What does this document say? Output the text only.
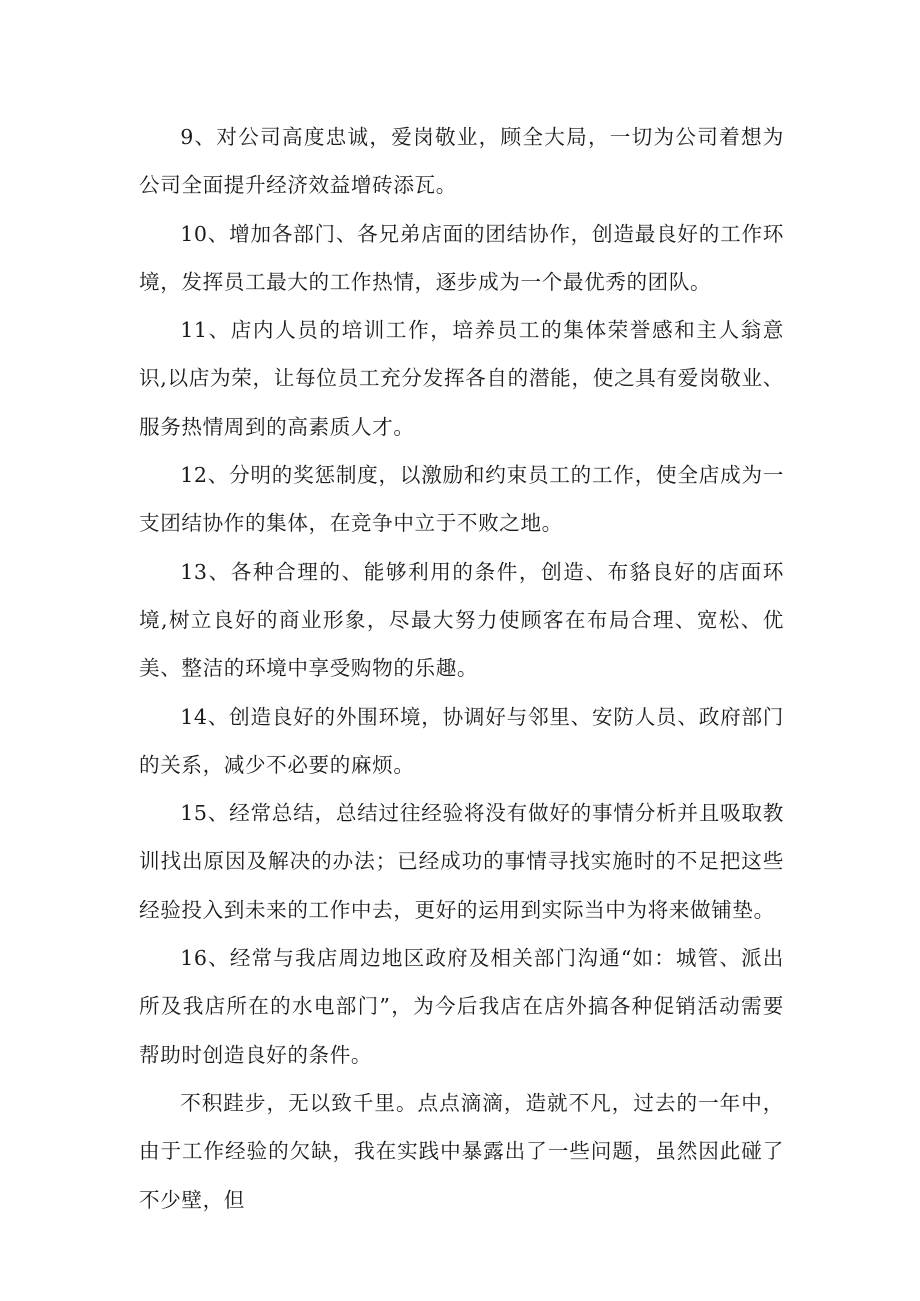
9、对公司高度忠诚，爱岗敬业，顾全大局，一切为公司着想为公司全面提升经济效益增砖添瓦。

10、增加各部门、各兄弟店面的团结协作，创造最良好的工作环境，发挥员工最大的工作热情，逐步成为一个最优秀的团队。

11、店内人员的培训工作，培养员工的集体荣誉感和主人翁意识,以店为荣，让每位员工充分发挥各自的潜能，使之具有爱岗敬业、服务热情周到的高素质人才。

12、分明的奖惩制度，以激励和约束员工的工作，使全店成为一支团结协作的集体，在竞争中立于不败之地。

13、各种合理的、能够利用的条件，创造、布貉良好的店面环境,树立良好的商业形象，尽最大努力使顾客在布局合理、宽松、优美、整洁的环境中享受购物的乐趣。

14、创造良好的外围环境，协调好与邻里、安防人员、政府部门的关系，减少不必要的麻烦。

15、经常总结，总结过往经验将没有做好的事情分析并且吸取教训找出原因及解决的办法；已经成功的事情寻找实施时的不足把这些经验投入到未来的工作中去，更好的运用到实际当中为将来做铺垫。

16、经常与我店周边地区政府及相关部门沟通“如：城管、派出所及我店所在的水电部门”，为今后我店在店外搞各种促销活动需要帮助时创造良好的条件。

不积跬步，无以致千里。点点滴滴，造就不凡，过去的一年中，由于工作经验的欠缺，我在实践中暴露出了一些问题，虽然因此碰了不少壁，但
